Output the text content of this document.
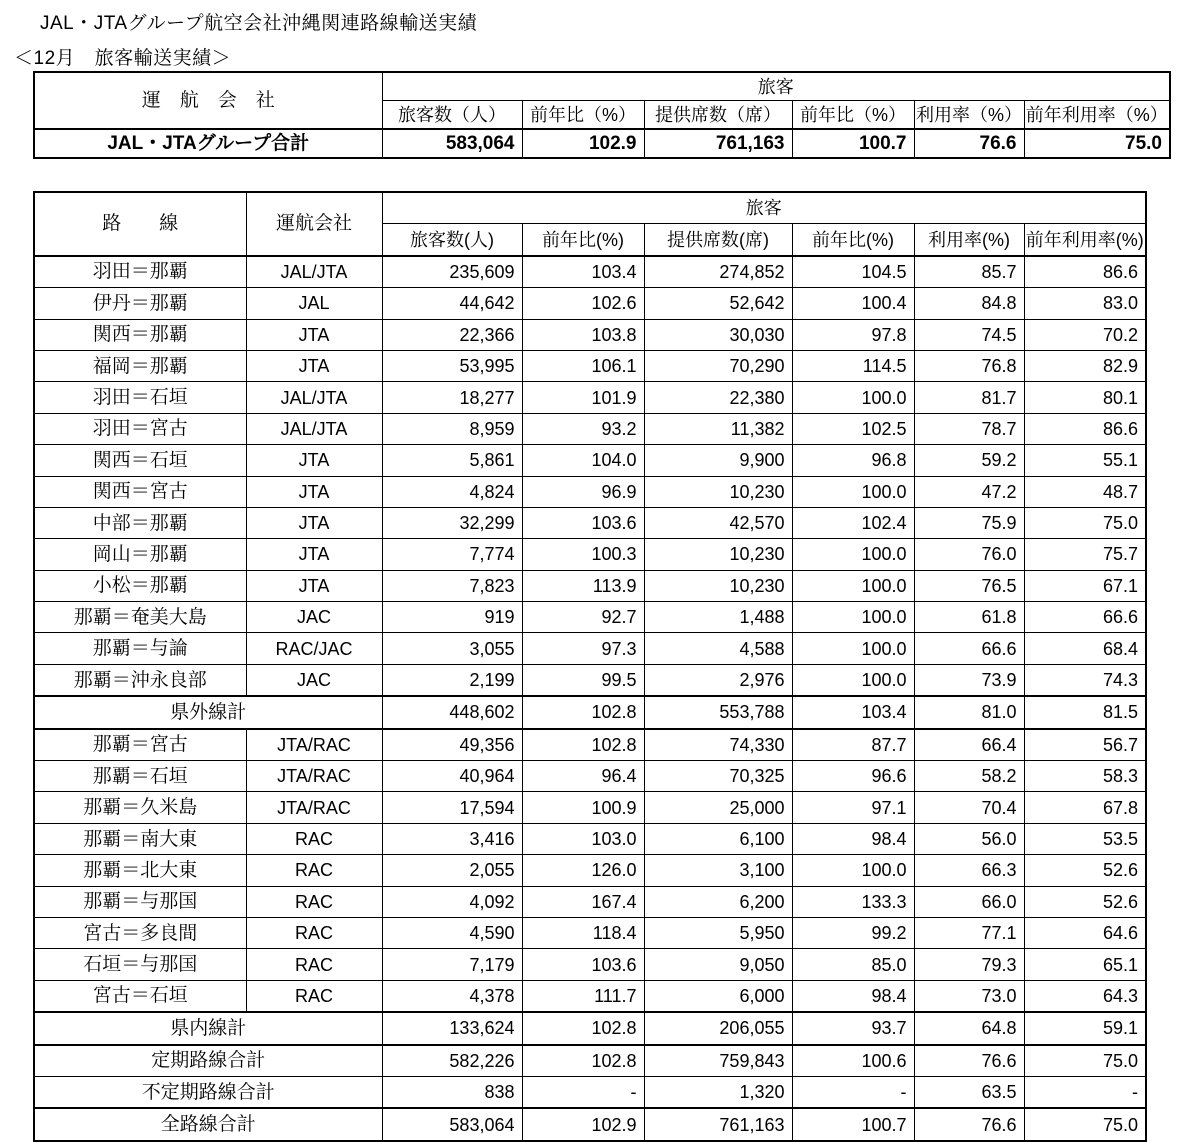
JAL・JTAグループ航空会社沖縄関連路線輸送実績
＜12月　旅客輸送実績＞
運　航　会　社	旅客					
	旅客数（人）	前年比（%）	提供席数（席）	前年比（%）	利用率（%）	前年利用率（%）
JAL・JTAグループ合計	583,064	102.9	761,163	100.7	76.6	75.0
路　　線	運航会社	旅客					
		旅客数(人)	前年比(%)	提供席数(席)	前年比(%)	利用率(%)	前年利用率(%)
羽田＝那覇	JAL/JTA	235,609	103.4	274,852	104.5	85.7	86.6
伊丹＝那覇	JAL	44,642	102.6	52,642	100.4	84.8	83.0
関西＝那覇	JTA	22,366	103.8	30,030	97.8	74.5	70.2
福岡＝那覇	JTA	53,995	106.1	70,290	114.5	76.8	82.9
羽田＝石垣	JAL/JTA	18,277	101.9	22,380	100.0	81.7	80.1
羽田＝宮古	JAL/JTA	8,959	93.2	11,382	102.5	78.7	86.6
関西＝石垣	JTA	5,861	104.0	9,900	96.8	59.2	55.1
関西＝宮古	JTA	4,824	96.9	10,230	100.0	47.2	48.7
中部＝那覇	JTA	32,299	103.6	42,570	102.4	75.9	75.0
岡山＝那覇	JTA	7,774	100.3	10,230	100.0	76.0	75.7
小松＝那覇	JTA	7,823	113.9	10,230	100.0	76.5	67.1
那覇＝奄美大島	JAC	919	92.7	1,488	100.0	61.8	66.6
那覇＝与論	RAC/JAC	3,055	97.3	4,588	100.0	66.6	68.4
那覇＝沖永良部	JAC	2,199	99.5	2,976	100.0	73.9	74.3
県外線計		448,602	102.8	553,788	103.4	81.0	81.5
那覇＝宮古	JTA/RAC	49,356	102.8	74,330	87.7	66.4	56.7
那覇＝石垣	JTA/RAC	40,964	96.4	70,325	96.6	58.2	58.3
那覇＝久米島	JTA/RAC	17,594	100.9	25,000	97.1	70.4	67.8
那覇＝南大東	RAC	3,416	103.0	6,100	98.4	56.0	53.5
那覇＝北大東	RAC	2,055	126.0	3,100	100.0	66.3	52.6
那覇＝与那国	RAC	4,092	167.4	6,200	133.3	66.0	52.6
宮古＝多良間	RAC	4,590	118.4	5,950	99.2	77.1	64.6
石垣＝与那国	RAC	7,179	103.6	9,050	85.0	79.3	65.1
宮古＝石垣	RAC	4,378	111.7	6,000	98.4	73.0	64.3
県内線計		133,624	102.8	206,055	93.7	64.8	59.1
定期路線合計		582,226	102.8	759,843	100.6	76.6	75.0
不定期路線合計		838	-	1,320	-	63.5	-
全路線合計		583,064	102.9	761,163	100.7	76.6	75.0
